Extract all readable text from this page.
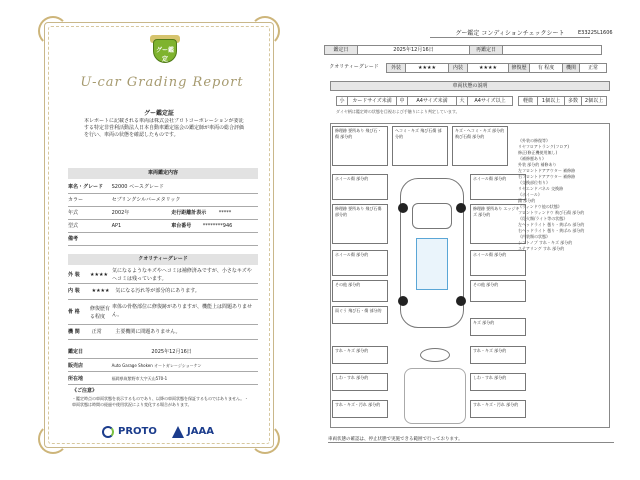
グー鑑定
U-car Grading Report
グー鑑定証
本レポートに記載される車両は株式会社プロトコーポレーションが委託する特定非営利活動法人日本自動車鑑定協会の鑑定師が車両の総合評価を行い、車両の状態を確認したものです。
車両鑑定内容
車名・グレード S2000 ベースグレード
カラー	セブリングシルバーメタリック
年式	2002年	走行距離計表示	*****
型式	AP1	車台番号 ********946
備考
クオリティーグレード
外 装	★★★★
気になるようなキズやヘコミは補修済みですが、小さなキズやヘコミは残っています。
内 装 ★★★★ 気になる汚れ等が部分的にあります。
骨 格	修復歴有る程度
車体の骨格部位に修復跡がありますが、機能上は問題ありません。
機 関 正常	主要機関に問題ありません。
鑑定日	2025年12月16日
販売店	Auto Garage Shoken オートガレージショーケン
所在地	福岡県筑紫野市大字天山570-1
《ご注意》
・鑑定時点の車両状態を表示するものであり、以降の車両状態を保証するものではありません。・車両状態は時間の経過や使用状況により変化する場合があります。
PROTO	JAAA
グー鑑定 コンディションチェックシート	E33225L1606
鑑定日	2025年12月16日	再鑑定日
クオリティーグレード	外装	★★★★	内装	★★★★	修復歴	有 程度	機関	正常
車両状態の説明
小	カードサイズ未満	中	A4サイズ未満	大	A4サイズ以上	軽微	1個以上	多数	2個以上
ダイヤ柄は鑑定時の状態を目視および手触りにより判定しています。
修理跡 要所あり 飛び石・傷 部分的
へコミ・キズ 飛び石傷 部分的
キズ・へコミ・キズ 部分的 飛び石傷 部分的
ホイール傷 部分的	ホイール傷 部分的
修理跡 要所あり 飛び石傷 部分的
修理跡 要所あり エッジキズ 部分的
ホイール傷 部分的	ホイール傷 部分的
その他 部分的	その他 部分的
雨ぐう 飛び石・傷 部分的
キズ 部分的
すれ・キズ 部分的	すれ・キズ 部分的
しわ・すれ 部分的	しわ・すれ 部分的
すれ・キズ・汚れ 部分的	すれ・キズ・汚れ 部分的
《外装の修復等》
リヤフロアトランク(フロア)
修正(修正機使用無し)
《補修歴あり》
外装 部分的 補修あり
左フロントドアアウター 補修跡
右フロントドアアウター 補修跡
《交換部位有り》
リヤエンドパネル 交換跡
《ホイール》
錆 部分的
《ウィンドウ他の状態》
フロントウィンドウ 飛び石傷 部分的
《灯火類/ライト等の状態》
左ヘッドライト 曇り・黄ばみ 部分的
右ヘッドライト 曇り・黄ばみ 部分的
《内装類の状態》
シフトノブ すれ・キズ 部分的
ステアリング すれ 部分的
車両状態の確認は、停止状態で実施できる範囲で行っております。
